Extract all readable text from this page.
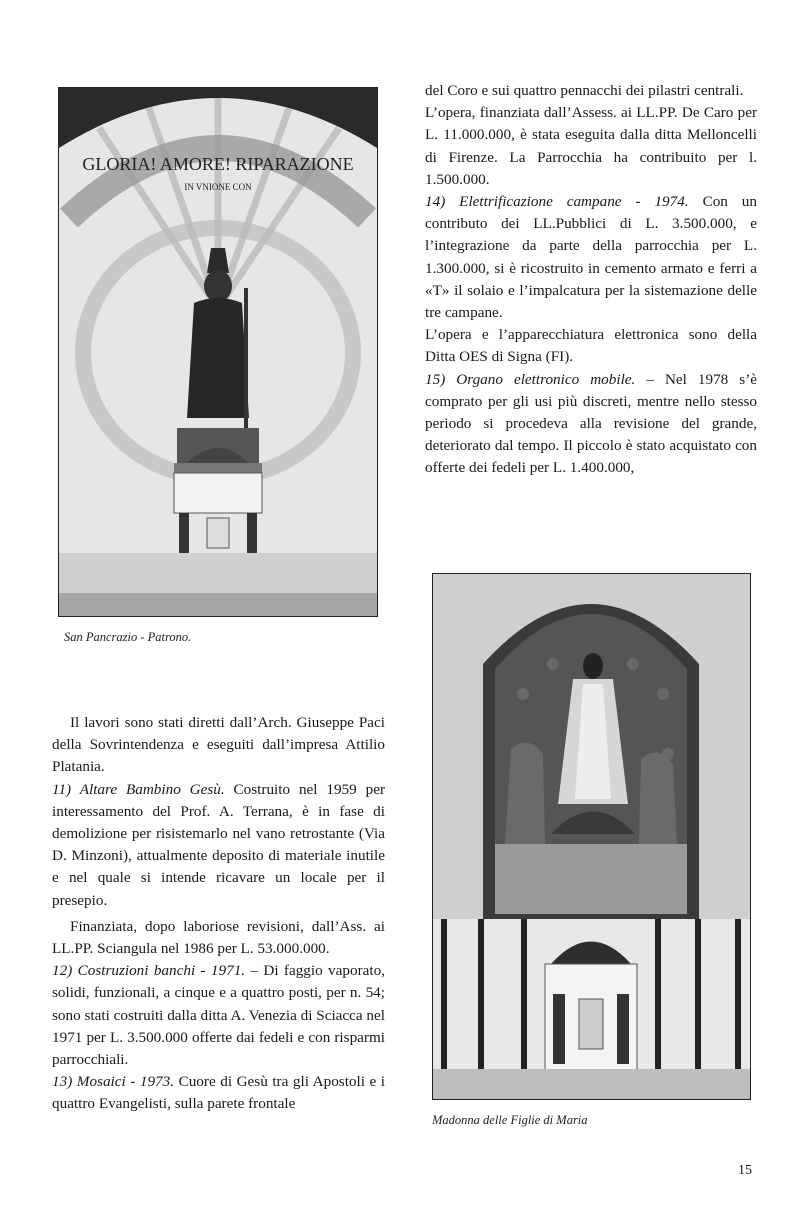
GLORIA! AMORE! RIPARAZIONE
IN VNIONE CON
San Pancrazio - Patrono.

del Coro e sui quattro pennacchi dei pilastri centrali.

L’opera, finanziata dall’Assess. ai LL.PP. De Caro per L. 11.000.000, è stata eseguita dalla ditta Melloncelli di Firenze. La Parrocchia ha contribuito per l. 1.500.000.

14) Elettrificazione campane - 1974. Con un contributo dei LL.Pubblici di L. 3.500.000, e l’integrazione da parte della parrocchia per L. 1.300.000, si è ricostruito in cemento armato e ferri a «T» il solaio e l’impalcatura per la sistemazione delle tre campane.

L’opera e l’apparecchiatura elettronica sono della Ditta OES di Signa (FI).

15) Organo elettronico mobile. – Nel 1978 s’è comprato per gli usi più discreti, mentre nello stesso periodo si procedeva alla revisione del grande, deteriorato dal tempo. Il piccolo è stato acquistato con offerte dei fedeli per L. 1.400.000,

Madonna delle Figlie di Maria

Il lavori sono stati diretti dall’Arch. Giuseppe Paci della Sovrintendenza e eseguiti dall’impresa Attilio Platania.

11) Altare Bambino Gesù. Costruito nel 1959 per interessamento del Prof. A. Terrana, è in fase di demolizione per risistemarlo nel vano retrostante (Via D. Minzoni), attualmente deposito di materiale inutile e nel quale si intende ricavare un locale per il presepio.

Finanziata, dopo laboriose revisioni, dall’Ass. ai LL.PP. Sciangula nel 1986 per L. 53.000.000.

12) Costruzioni banchi - 1971. – Di faggio vaporato, solidi, funzionali, a cinque e a quattro posti, per n. 54; sono stati costruiti dalla ditta A. Venezia di Sciacca nel 1971 per L. 3.500.000 offerte dai fedeli e con risparmi parrocchiali.

13) Mosaici - 1973. Cuore di Gesù tra gli Apostoli e i quattro Evangelisti, sulla parete frontale

15
